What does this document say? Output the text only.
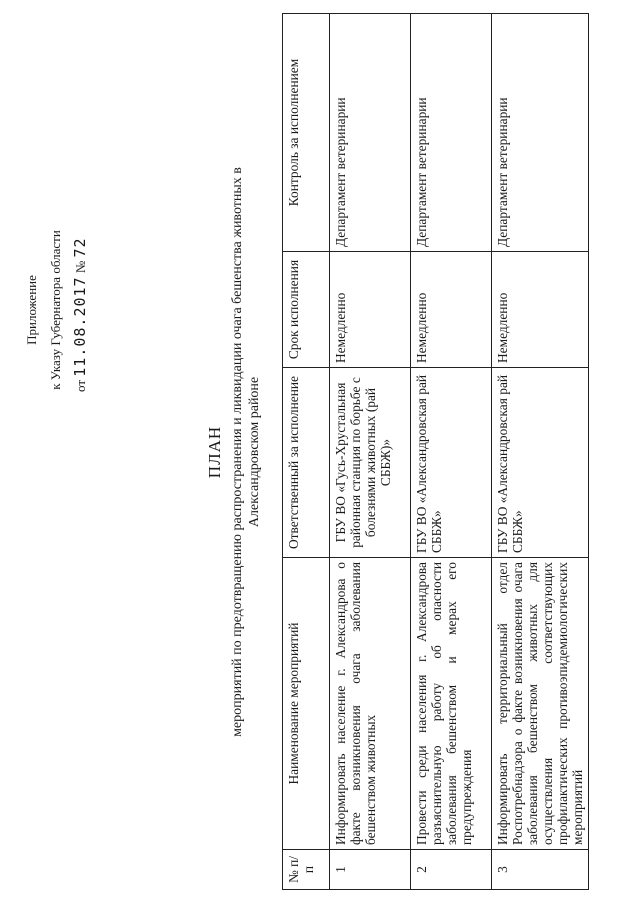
Приложение к Указу Губернатора области от 11.08.2017 № 72
ПЛАН мероприятий по предотвращению распространения и ликвидации очага бешенства животных в Александровском районе
№ п/п	Наименование мероприятий	Ответственный за исполнение	Срок исполнения	Контроль за исполнением
1	Информировать население г. Александрова о факте возникновения очага заболевания бешенством животных	ГБУ ВО «Гусь-Хрустальная районная станция по борьбе с болезнями животных (рай СББЖ)»	Немедленно	Департамент ветеринарии
2	Провести среди населения г. Александрова разъяснительную работу об опасности заболевания бешенством и мерах его предупреждения	ГБУ ВО «Александровская рай СББЖ»	Немедленно	Департамент ветеринарии
3	Информировать территориальный отдел Роспотребнадзора о факте возникновения очага заболевания бешенством животных для осуществления соответствующих профилактических противоэпидемиологических мероприятий	ГБУ ВО «Александровская рай СББЖ»	Немедленно	Департамент ветеринарии
